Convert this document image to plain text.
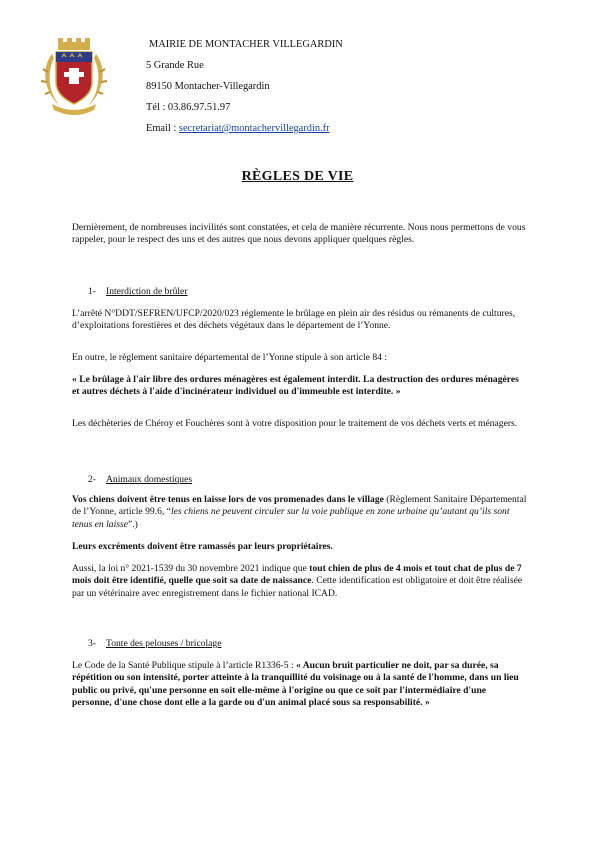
MAIRIE DE MONTACHER VILLEGARDIN
5 Grande Rue
89150 Montacher-Villegardin
Tél : 03.86.97.51.97
Email : secretariat@montachervillegardin.fr
RÈGLES DE VIE

Dernièrement, de nombreuses incivilités sont constatées, et cela de manière récurrente. Nous nous permettons de vous rappeler, pour le respect des uns et des autres que nous devons appliquer quelques règles.

1- Interdiction de brûler

L’arrêté N°DDT/SEFREN/UFCP/2020/023 réglemente le brûlage en plein air des résidus ou rémanents de cultures, d’exploitations forestières et des déchets végétaux dans le département de l’Yonne.

En outre, le règlement sanitaire départemental de l’Yonne stipule à son article 84 :

« Le brûlage à l'air libre des ordures ménagères est également interdit. La destruction des ordures ménagères et autres déchets à l'aide d'incinérateur individuel ou d'immeuble est interdite. »

Les déchèteries de Chéroy et Fouchères sont à votre disposition pour le traitement de vos déchets verts et ménagers.

2- Animaux domestiques

Vos chiens doivent être tenus en laisse lors de vos promenades dans le village (Règlement Sanitaire Départemental de l’Yonne, article 99.6, “les chiens ne peuvent circuler sur la voie publique en zone urbaine qu’autant qu’ils sont tenus en laisse”.)

Leurs excréments doivent être ramassés par leurs propriétaires.

Aussi, la loi n° 2021-1539 du 30 novembre 2021 indique que tout chien de plus de 4 mois et tout chat de plus de 7 mois doit être identifié, quelle que soit sa date de naissance. Cette identification est obligatoire et doit être réalisée par un vétérinaire avec enregistrement dans le fichier national ICAD.

3- Tonte des pelouses / bricolage

Le Code de la Santé Publique stipule à l’article R1336-5 : « Aucun bruit particulier ne doit, par sa durée, sa répétition ou son intensité, porter atteinte à la tranquillité du voisinage ou à la santé de l'homme, dans un lieu public ou privé, qu'une personne en soit elle-même à l'origine ou que ce soit par l'intermédiaire d'une personne, d'une chose dont elle a la garde ou d'un animal placé sous sa responsabilité. »
